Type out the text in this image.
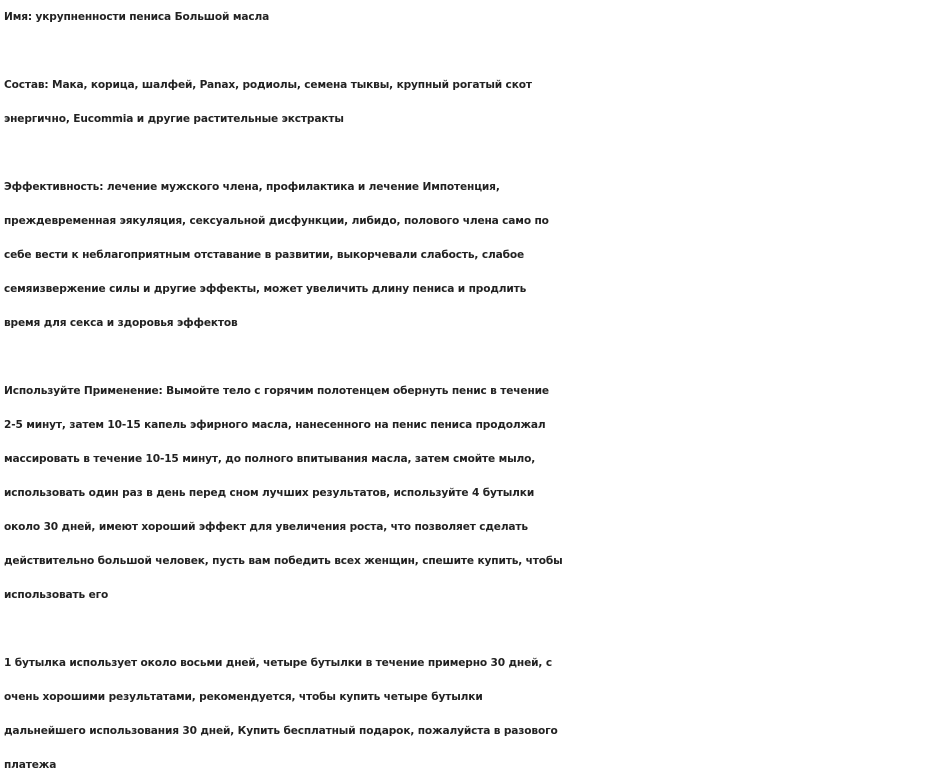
Имя: укрупненности пениса Большой масла

Состав: Мака, корица, шалфей, Panax, родиолы, семена тыквы, крупный рогатый скот
энергично, Eucommia и другие растительные экстракты

Эффективность: лечение мужского члена, профилактика и лечение Импотенция,
преждевременная эякуляция, сексуальной дисфункции, либидо, полового члена само по
себе вести к неблагоприятным отставание в развитии, выкорчевали слабость, слабое
семяизвержение силы и другие эффекты, может увеличить длину пениса и продлить
время для секса и здоровья эффектов

Используйте Применение: Вымойте тело с горячим полотенцем обернуть пенис в течение
2-5 минут, затем 10-15 капель эфирного масла, нанесенного на пенис пениса продолжал
массировать в течение 10-15 минут, до полного впитывания масла, затем смойте мыло,
использовать один раз в день перед сном лучших результатов, используйте 4 бутылки
около 30 дней, имеют хороший эффект для увеличения роста, что позволяет сделать
действительно большой человек, пусть вам победить всех женщин, спешите купить, чтобы
использовать его

1 бутылка использует около восьми дней, четыре бутылки в течение примерно 30 дней, с
очень хорошими результатами, рекомендуется, чтобы купить четыре бутылки
дальнейшего использования 30 дней, Купить бесплатный подарок, пожалуйста в разового
платежа
